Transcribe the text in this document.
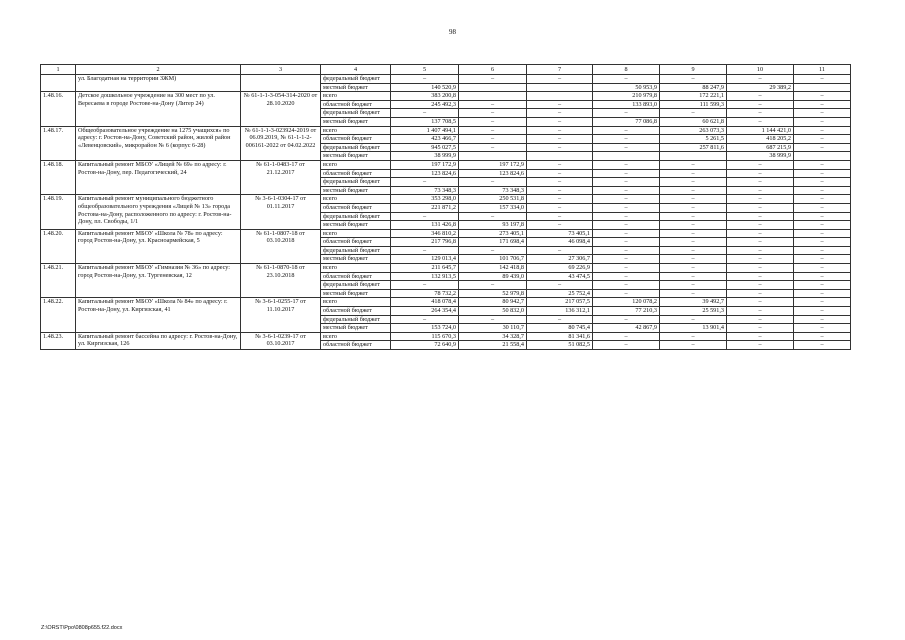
98
1	2	3	4	5	6	7	8	9	10	11
	ул. Благодатная на территории ЗЖМ)		федеральный бюджет	–	–	–	–	–	–	–
			местный бюджет	140 520,9			50 953,9	88 247,9	29 389,2	
1.48.16.	Детское дошкольное учреждение на 300 мест по ул. Вересаева в городе Ростове-на-Дону (Литер 24)	№ 61-1-1-3-054-314-2020 от 28.10.2020	всего	383 200,8			210 979,8	172 221,1	–	–
			областной бюджет	245 492,3	–	–	133 893,0	111 599,3	–	–
			федеральный бюджет	–	–	–	–	–	–	–
			местный бюджет	137 708,5	–	–	77 086,8	60 621,8	–	–
1.48.17.	Общеобразовательное учреждение на 1275 учащихся» по адресу: г. Ростов-на-Дону, Советский район, жилой район «Левенцовский», микрорайон № 6 (корпус 6-28)	№ 61-1-1-3-023924-2019 от 06.09.2019, № 61-1-1-2-006161-2022 от 04.02.2022	всего	1 407 494,1	–	–	–	263 073,3	1 144 421,0	–
			областной бюджет	423 466,7	–	–	–	5 261,5	418 205,2	–
			федеральный бюджет	945 027,5	–	–	–	257 811,6	687 215,9	–
			местный бюджет	38 999,9					38 999,9	
1.48.18.	Капитальный ремонт МБОУ «Лицей № 69» по адресу: г. Ростов-на-Дону, пер. Педагогический, 24	№ 61-1-0483-17 от 21.12.2017	всего	197 172,9	197 172,9	–	–	–	–	–
			областной бюджет	123 824,6	123 824,6	–	–	–	–	–
			федеральный бюджет	–	–	–	–	–	–	–
			местный бюджет	73 348,3	73 348,3	–	–	–	–	–
1.48.19.	Капитальный ремонт муниципального бюджетного общеобразовательного учреждения «Лицей № 13» города Ростова-на-Дону, расположенного по адресу: г. Ростов-на-Дону, пл. Свободы, 1/1	№ 3-6-1-0304-17 от 01.11.2017	всего	353 298,0	250 531,8	–	–	–	–	–
			областной бюджет	221 871,2	157 334,0	–	–	–	–	–
			федеральный бюджет	–	–	–	–	–	–	–
			местный бюджет	131 426,8	93 197,8	–	–	–	–	–
1.48.20.	Капитальный ремонт МБОУ «Школа № 78» по адресу: город Ростов-на-Дону, ул. Красноармейская, 5	№ 61-1-0807-18 от 03.10.2018	всего	346 810,2	273 405,1	73 405,1	–	–	–	–
			областной бюджет	217 796,8	171 698,4	46 098,4	–	–	–	–
			федеральный бюджет	–	–	–	–	–	–	–
			местный бюджет	129 013,4	101 706,7	27 306,7	–	–	–	–
1.48.21.	Капитальный ремонт МБОУ «Гимназия № 36» по адресу: город Ростов-на-Дону, ул. Тургеневская, 12	№ 61-1-0870-18 от 23.10.2018	всего	211 645,7	142 418,8	69 226,9	–	–	–	–
			областной бюджет	132 913,5	89 439,0	43 474,5	–	–	–	–
			федеральный бюджет	–	–	–	–	–	–	–
			местный бюджет	78 732,2	52 979,8	25 752,4	–	–	–	–
1.48.22.	Капитальный ремонт МБОУ «Школа № 84» по адресу: г. Ростов-на-Дону, ул. Киргизская, 41	№ 3-6-1-0255-17 от 11.10.2017	всего	418 078,4	80 942,7	217 057,5	120 078,2	39 492,7	–	–
			областной бюджет	264 354,4	50 832,0	136 312,1	77 210,3	25 591,3	–	–
			федеральный бюджет	–	–	–	–	–	–	–
			местный бюджет	153 724,0	30 110,7	80 745,4	42 867,9	13 901,4	–	–
1.48.23.	Капитальный ремонт бассейна по адресу: г. Ростов-на-Дону, ул. Киргизская, 126	№ 3-6-1-0239-17 от 03.10.2017	всего	115 670,3	34 328,7	81 341,6	–	–	–	–
			областной бюджет	72 640,9	21 558,4	51 082,5	–	–	–	–
Z:\ORST\Ppo\0808p655.f22.docx
